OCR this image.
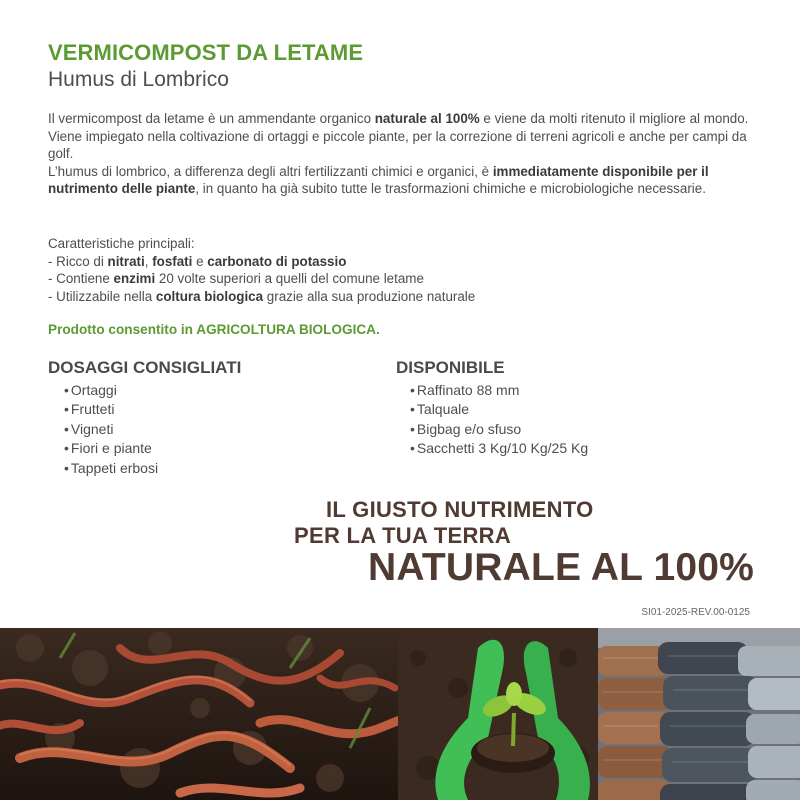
VERMICOMPOST DA LETAME
Humus di Lombrico
Il vermicompost da letame è un ammendante organico naturale al 100% e viene da molti ritenuto il migliore al mondo.
Viene impiegato nella coltivazione di ortaggi e piccole piante, per la correzione di terreni agricoli e anche per campi da golf.
L’humus di lombrico, a differenza degli altri fertilizzanti chimici e organici, è immediatamente disponibile per il nutrimento delle piante, in quanto ha già subito tutte le trasformazioni chimiche e microbiologiche necessarie.
Caratteristiche principali:
- Ricco di nitrati, fosfati e carbonato di potassio
- Contiene enzimi 20 volte superiori a quelli del comune letame
- Utilizzabile nella coltura biologica grazie alla sua produzione naturale
Prodotto consentito in AGRICOLTURA BIOLOGICA.
DOSAGGI CONSIGLIATI
• Ortaggi
• Frutteti
• Vigneti
• Fiori e piante
• Tappeti erbosi
DISPONIBILE
• Raffinato 88 mm
• Talquale
• Bigbag e/o sfuso
• Sacchetti 3 Kg/10 Kg/25 Kg
IL GIUSTO NUTRIMENTO
PER LA TUA TERRA
NATURALE AL 100%
SI01-2025-REV.00-0125
